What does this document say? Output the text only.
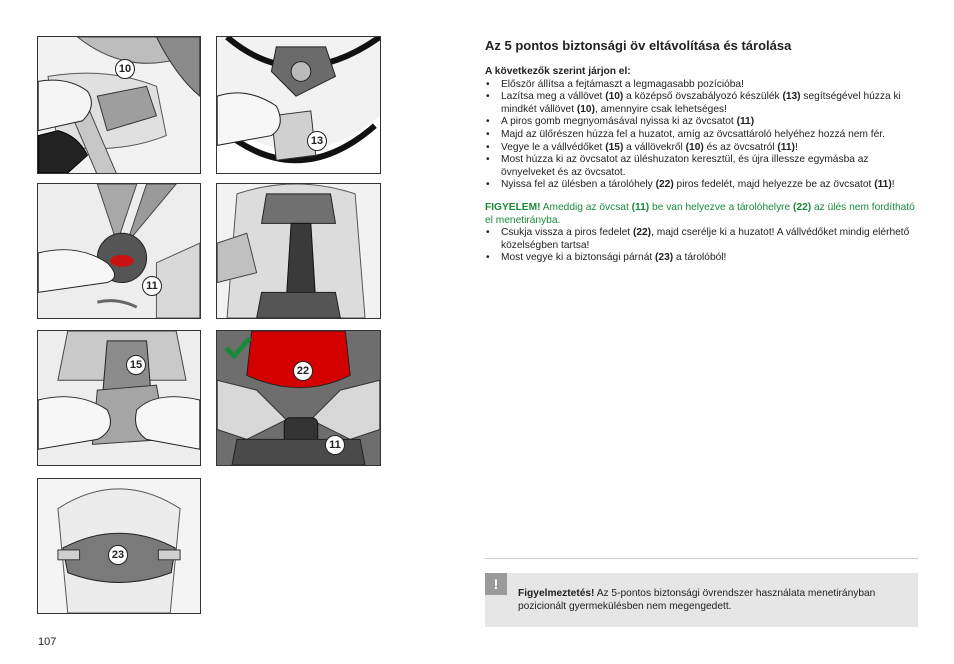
10
13
11
15	22
11
23
Az 5 pontos biztonsági öv eltávolítása és tárolása

A következők szerint járjon el:

• Először állítsa a fejtámaszt a legmagasabb pozícióba!
• Lazítsa meg a vállövet (10) a középső övszabályozó készülék (13) segítségével húzza ki mindkét vállövet (10), amennyire csak lehetséges!
• A piros gomb megnyomásával nyissa ki az övcsatot (11)
• Majd az ülőrészen húzza fel a huzatot, amíg az övcsattároló helyéhez hozzá nem fér.
• Vegye le a vállvédőket (15) a vállövekről (10) és az övcsatról (11)!
• Most húzza ki az övcsatot az üléshuzaton keresztül, és újra illessze egymásba az övnyelveket és az övcsatot.
• Nyissa fel az ülésben a tárolóhely (22) piros fedelét, majd helyezze be az övcsatot (11)!

FIGYELEM! Ameddig az övcsat (11) be van helyezve a tárolóhelyre (22) az ülés nem fordítható el menetirányba.

• Csukja vissza a piros fedelet (22), majd cserélje ki a huzatot! A vállvédőket mindig elérhető közelségben tartsa!
• Most vegye ki a biztonsági párnát (23) a tárolóból!
!
Figyelmeztetés! Az 5-pontos biztonsági övrendszer használata menetirányban pozicionált gyermekülésben nem megengedett.
107
